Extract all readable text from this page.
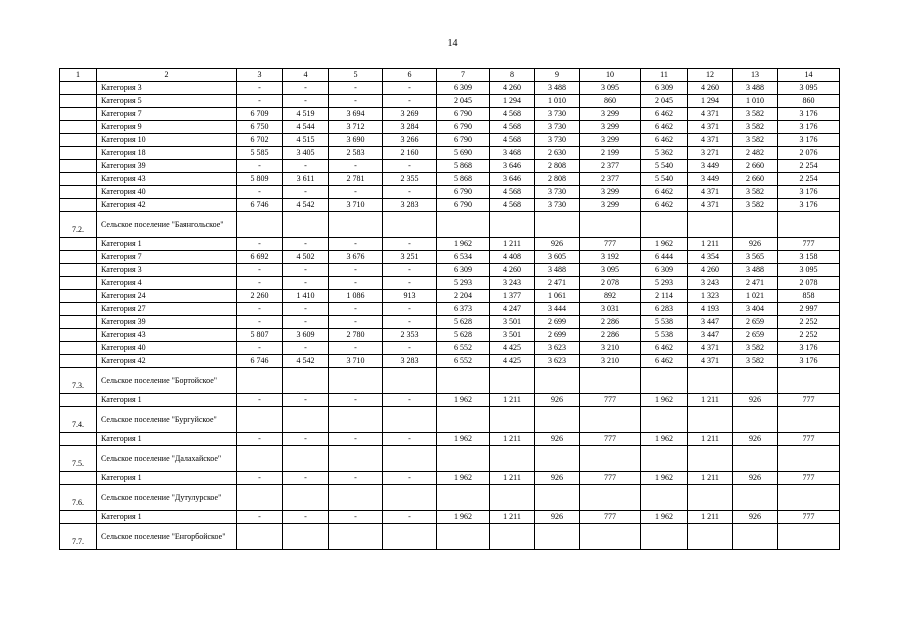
14
1	2	3	4	5	6	7	8	9	10	11	12	13	14
	Категория 3	-	-	-	-	6 309	4 260	3 488	3 095	6 309	4 260	3 488	3 095
	Категория 5	-	-	-	-	2 045	1 294	1 010	860	2 045	1 294	1 010	860
	Категория 7	6 709	4 519	3 694	3 269	6 790	4 568	3 730	3 299	6 462	4 371	3 582	3 176
	Категория 9	6 750	4 544	3 712	3 284	6 790	4 568	3 730	3 299	6 462	4 371	3 582	3 176
	Категория 10	6 702	4 515	3 690	3 266	6 790	4 568	3 730	3 299	6 462	4 371	3 582	3 176
	Категория 18	5 585	3 405	2 583	2 160	5 690	3 468	2 630	2 199	5 362	3 271	2 482	2 076
	Категория 39	-	-	-	-	5 868	3 646	2 808	2 377	5 540	3 449	2 660	2 254
	Категория 43	5 809	3 611	2 781	2 355	5 868	3 646	2 808	2 377	5 540	3 449	2 660	2 254
	Категория 40	-	-	-	-	6 790	4 568	3 730	3 299	6 462	4 371	3 582	3 176
	Категория 42	6 746	4 542	3 710	3 283	6 790	4 568	3 730	3 299	6 462	4 371	3 582	3 176
7.2.	Сельское поселение "Баянгольское"												
	Категория 1	-	-	-	-	1 962	1 211	926	777	1 962	1 211	926	777
	Категория 7	6 692	4 502	3 676	3 251	6 534	4 408	3 605	3 192	6 444	4 354	3 565	3 158
	Категория 3	-	-	-	-	6 309	4 260	3 488	3 095	6 309	4 260	3 488	3 095
	Категория 4	-	-	-	-	5 293	3 243	2 471	2 078	5 293	3 243	2 471	2 078
	Категория 24	2 260	1 410	1 086	913	2 204	1 377	1 061	892	2 114	1 323	1 021	858
	Категория 27	-	-	-	-	6 373	4 247	3 444	3 031	6 283	4 193	3 404	2 997
	Категория 39	-	-	-	-	5 628	3 501	2 699	2 286	5 538	3 447	2 659	2 252
	Категория 43	5 807	3 609	2 780	2 353	5 628	3 501	2 699	2 286	5 538	3 447	2 659	2 252
	Категория 40	-	-	-	-	6 552	4 425	3 623	3 210	6 462	4 371	3 582	3 176
	Категория 42	6 746	4 542	3 710	3 283	6 552	4 425	3 623	3 210	6 462	4 371	3 582	3 176
7.3.	Сельское поселение "Бортойское"												
	Категория 1	-	-	-	-	1 962	1 211	926	777	1 962	1 211	926	777
7.4.	Сельское поселение "Бургуйское"												
	Категория 1	-	-	-	-	1 962	1 211	926	777	1 962	1 211	926	777
7.5.	Сельское поселение "Далахайское"												
	Категория 1	-	-	-	-	1 962	1 211	926	777	1 962	1 211	926	777
7.6.	Сельское поселение "Дутулурское"												
	Категория 1	-	-	-	-	1 962	1 211	926	777	1 962	1 211	926	777
7.7.	Сельское поселение "Енгорбойское"												
